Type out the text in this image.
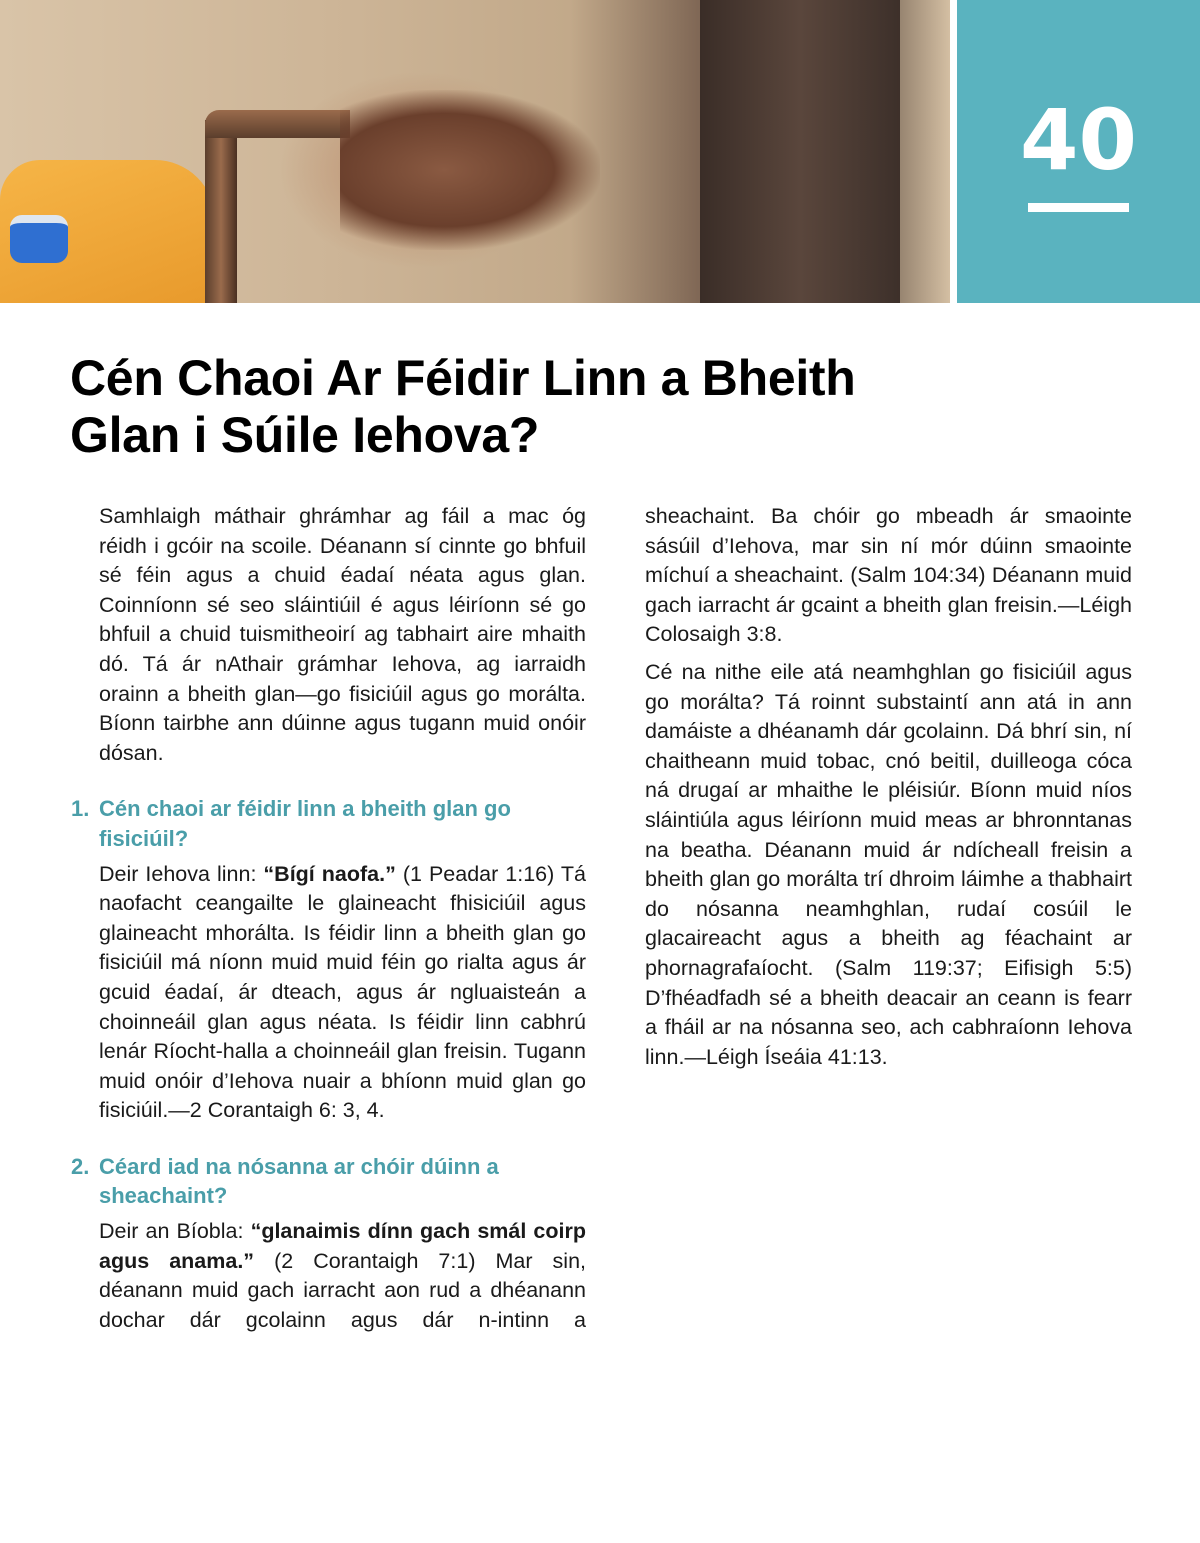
40
Cén Chaoi Ar Féidir Linn a Bheith Glan i Súile Iehova?

Samhlaigh máthair ghrámhar ag fáil a mac óg réidh i gcóir na scoile. Déanann sí cinnte go bhfuil sé féin agus a chuid éadaí néata agus glan. Coinníonn sé seo sláintiúil é agus léiríonn sé go bhfuil a chuid tuismitheoirí ag tabhairt aire mhaith dó. Tá ár nAthair grámhar Iehova, ag iarraidh orainn a bheith glan—go fisiciúil agus go morálta. Bíonn tairbhe ann dúinne agus tugann muid onóir dósan.

1. Cén chaoi ar féidir linn a bheith glan go fisiciúil?

Deir Iehova linn: “Bígí naofa.” (1 Peadar 1:16) Tá naofacht ceangailte le glaineacht fhisiciúil agus glaineacht mhorálta. Is féidir linn a bheith glan go fisiciúil má níonn muid muid féin go rialta agus ár gcuid éadaí, ár dteach, agus ár ngluaisteán a choinneáil glan agus néata. Is féidir linn cabhrú lenár Ríocht-halla a choinneáil glan freisin. Tugann muid onóir d’Iehova nuair a bhíonn muid glan go fisiciúil.—2 Corantaigh 6: 3, 4.

2. Céard iad na nósanna ar chóir dúinn a sheachaint?

Deir an Bíobla: “glanaimis dínn gach smál coirp agus anama.” (2 Corantaigh 7:1) Mar sin, déanann muid gach iarracht aon rud a dhéanann dochar dár gcolainn agus dár n-intinn a

sheachaint. Ba chóir go mbeadh ár smaointe sásúil d’Iehova, mar sin ní mór dúinn smaointe míchuí a sheachaint. (Salm 104:34) Déanann muid gach iarracht ár gcaint a bheith glan freisin.—Léigh Colosaigh 3:8.

Cé na nithe eile atá neamhghlan go fisiciúil agus go morálta? Tá roinnt substaintí ann atá in ann damáiste a dhéanamh dár gcolainn. Dá bhrí sin, ní chaitheann muid tobac, cnó beitil, duilleoga cóca ná drugaí ar mhaithe le pléisiúr. Bíonn muid níos sláintiúla agus léiríonn muid meas ar bhronntanas na beatha. Déanann muid ár ndícheall freisin a bheith glan go morálta trí dhroim láimhe a thabhairt do nósanna neamhghlan, rudaí cosúil le glacaireacht agus a bheith ag féachaint ar phornagrafaíocht. (Salm 119:37; Eifisigh 5:5) D’fhéadfadh sé a bheith deacair an ceann is fearr a fháil ar na nósanna seo, ach cabhraíonn Iehova linn.—Léigh Íseáia 41:13.
